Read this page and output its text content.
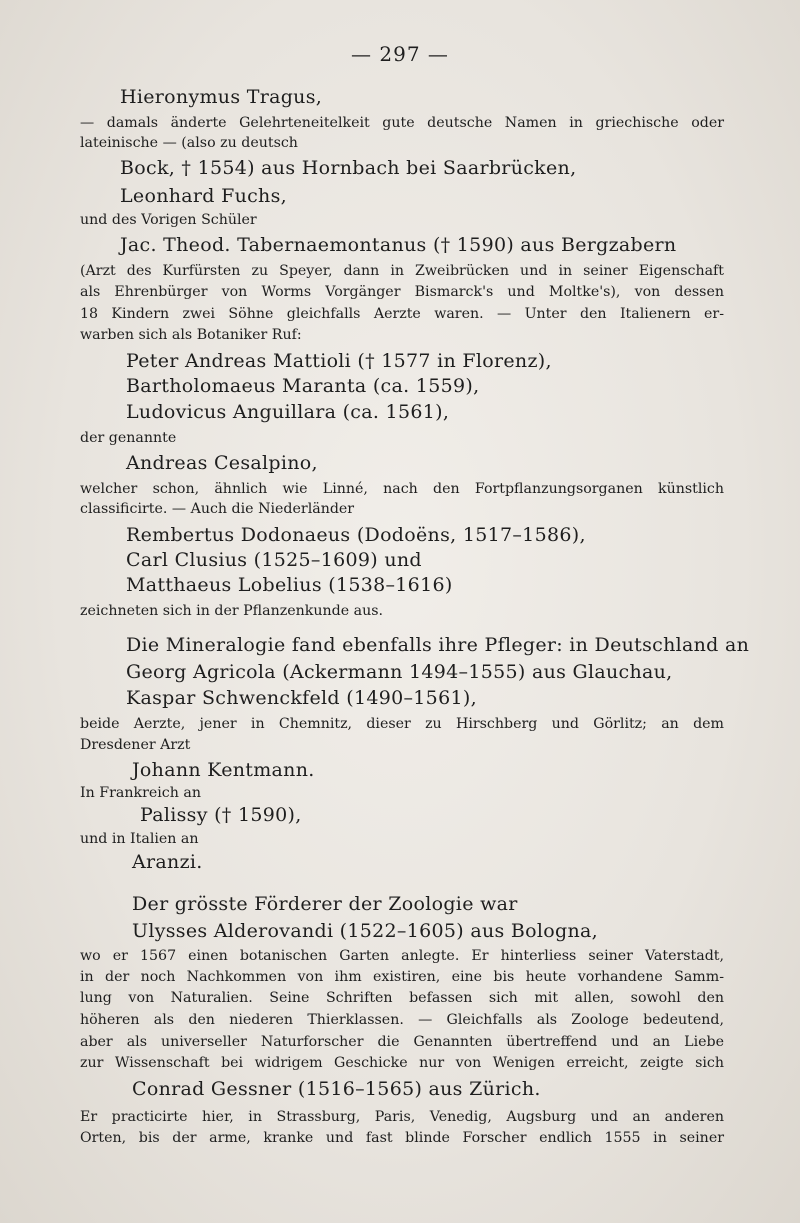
— 297 —
Hieronymus Tragus,
— damals änderte Gelehrteneitelkeit gute deutsche Namen in griechische oder
lateinische — (also zu deutsch
Bock, † 1554) aus Hornbach bei Saarbrücken,
Leonhard Fuchs,
und des Vorigen Schüler
Jac. Theod. Tabernaemontanus († 1590) aus Bergzabern
(Arzt des Kurfürsten zu Speyer, dann in Zweibrücken und in seiner Eigenschaft
als Ehrenbürger von Worms Vorgänger Bismarck's und Moltke's), von dessen
18 Kindern zwei Söhne gleichfalls Aerzte waren. — Unter den Italienern er-
warben sich als Botaniker Ruf:
Peter Andreas Mattioli († 1577 in Florenz),
Bartholomaeus Maranta (ca. 1559),
Ludovicus Anguillara (ca. 1561),
der genannte
Andreas Cesalpino,
welcher schon, ähnlich wie Linné, nach den Fortpflanzungsorganen künstlich
classificirte. — Auch die Niederländer
Rembertus Dodonaeus (Dodoëns, 1517–1586),
Carl Clusius (1525–1609) und
Matthaeus Lobelius (1538–1616)
zeichneten sich in der Pflanzenkunde aus.
Die Mineralogie fand ebenfalls ihre Pfleger: in Deutschland an
Georg Agricola (Ackermann 1494–1555) aus Glauchau,
Kaspar Schwenckfeld (1490–1561),
beide Aerzte, jener in Chemnitz, dieser zu Hirschberg und Görlitz; an dem
Dresdener Arzt
Johann Kentmann.
In Frankreich an
Palissy († 1590),
und in Italien an
Aranzi.
Der grösste Förderer der Zoologie war
Ulysses Alderovandi (1522–1605) aus Bologna,
wo er 1567 einen botanischen Garten anlegte. Er hinterliess seiner Vaterstadt,
in der noch Nachkommen von ihm existiren, eine bis heute vorhandene Samm-
lung von Naturalien. Seine Schriften befassen sich mit allen, sowohl den
höheren als den niederen Thierklassen. — Gleichfalls als Zoologe bedeutend,
aber als universeller Naturforscher die Genannten übertreffend und an Liebe
zur Wissenschaft bei widrigem Geschicke nur von Wenigen erreicht, zeigte sich
Conrad Gessner (1516–1565) aus Zürich.
Er practicirte hier, in Strassburg, Paris, Venedig, Augsburg und an anderen
Orten, bis der arme, kranke und fast blinde Forscher endlich 1555 in seiner
